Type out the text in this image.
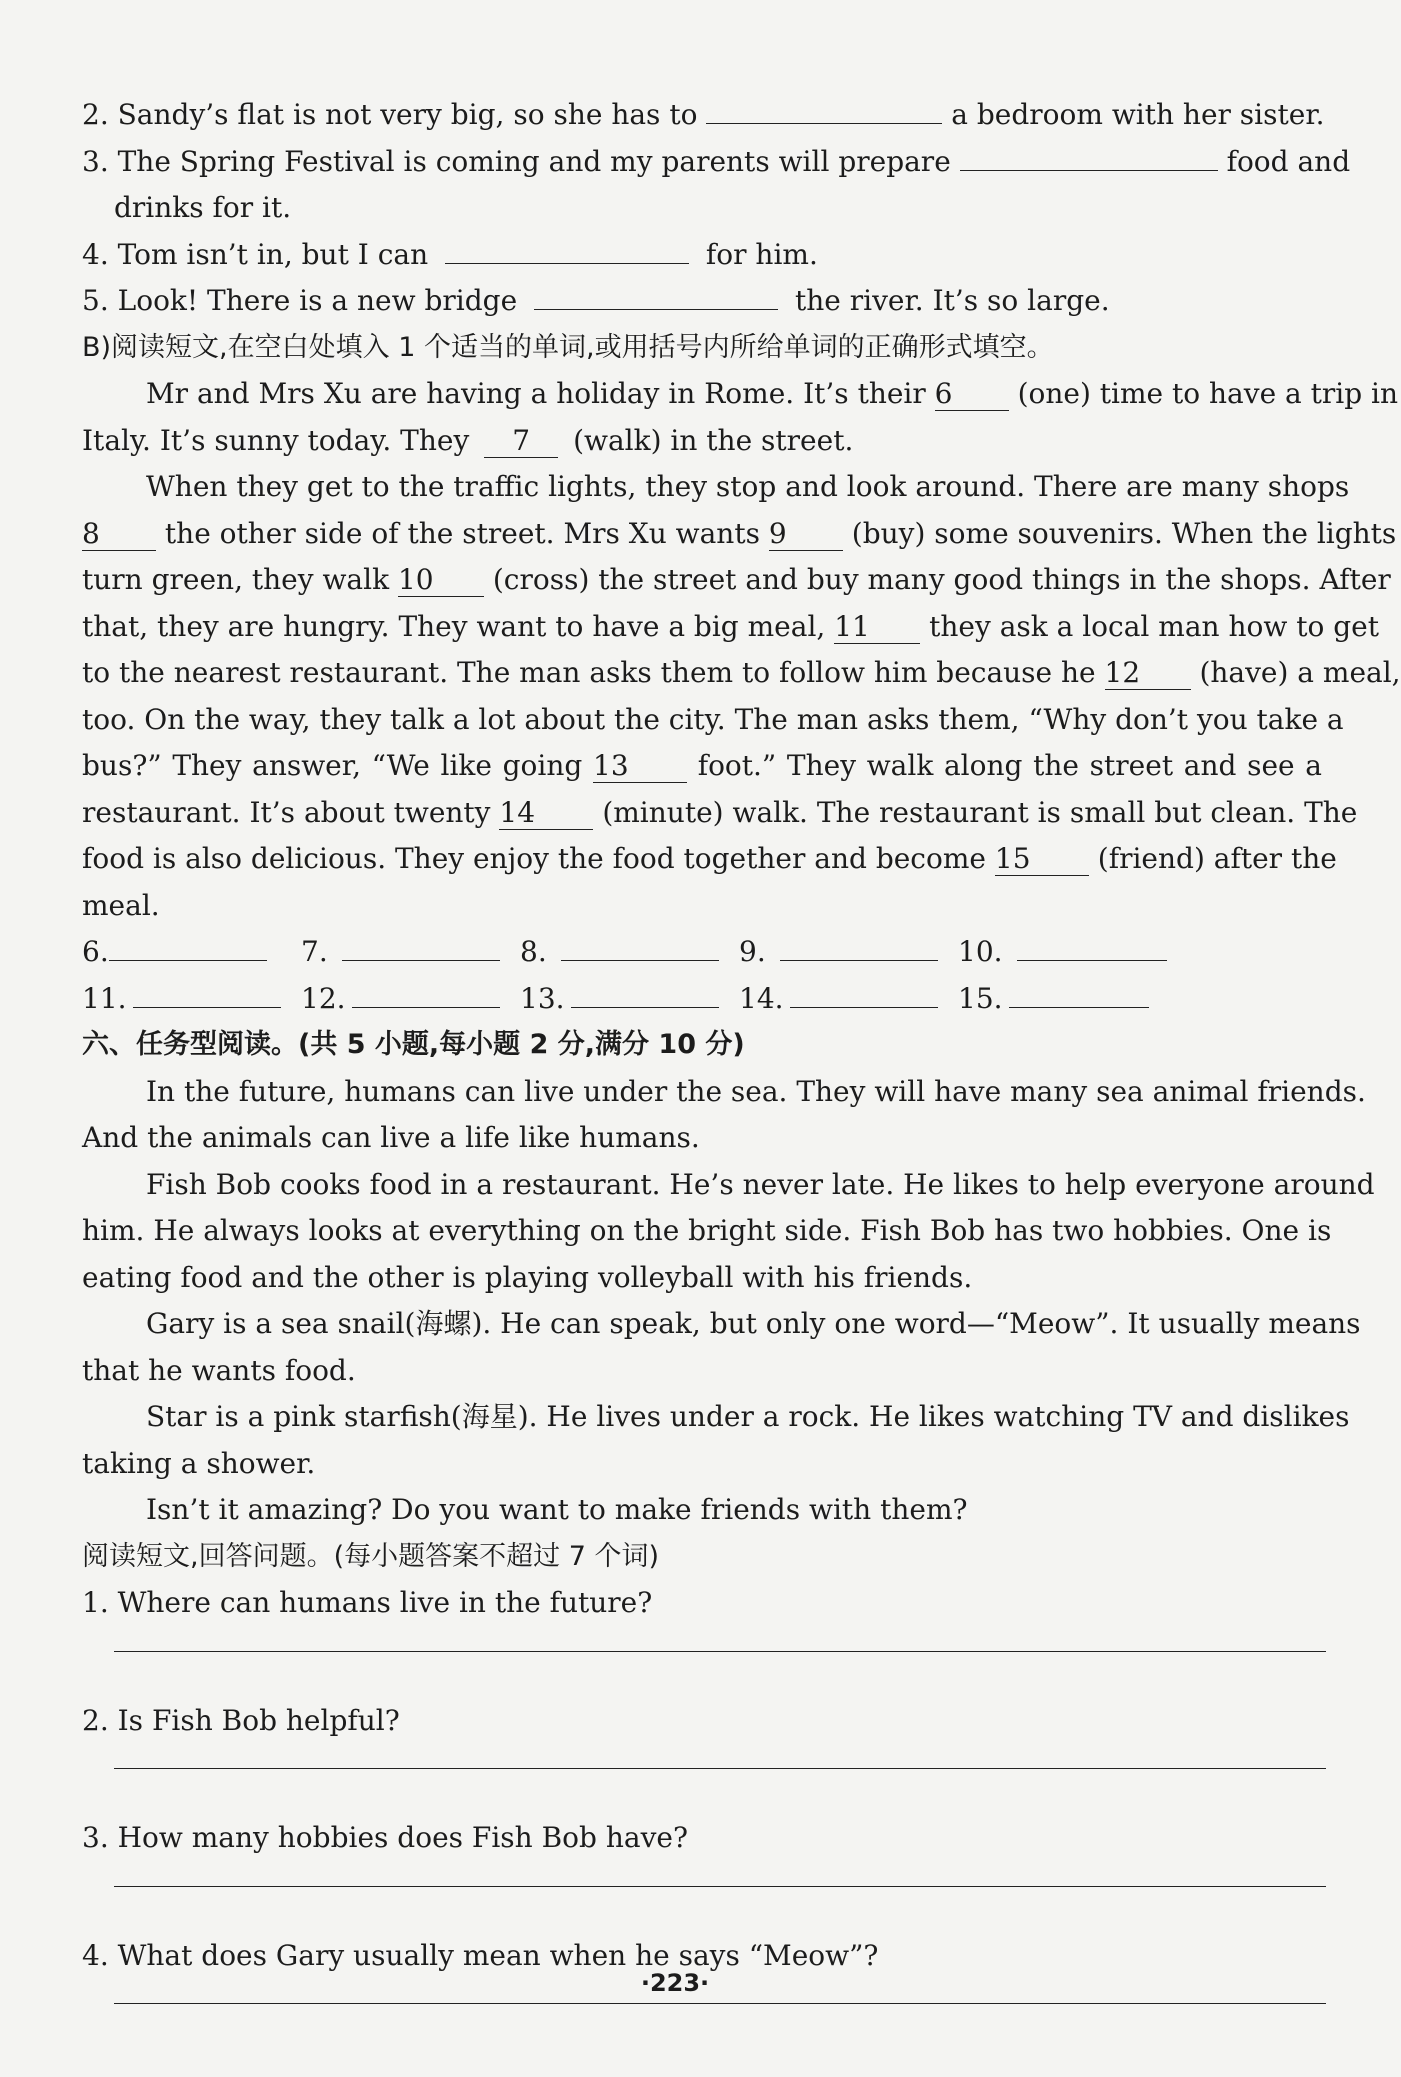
2. Sandy’s flat is not very big, so she has to	a bedroom with her sister.
3. The Spring Festival is coming and my parents will prepare	food and
drinks for it.
4. Tom isn’t in, but I can	for him.
5. Look! There is a new bridge	the river. It’s so large.
B)阅读短文,在空白处填入 1 个适当的单词,或用括号内所给单词的正确形式填空。
Mr and Mrs Xu are having a holiday in Rome. It’s their 6 (one) time to have a trip in
Italy. It’s sunny today. They 7 (walk) in the street.
When they get to the traffic lights, they stop and look around. There are many shops
8 the other side of the street. Mrs Xu wants 9 (buy) some souvenirs. When the lights
turn green, they walk 10 (cross) the street and buy many good things in the shops. After
that, they are hungry. They want to have a big meal, 11 they ask a local man how to get
to the nearest restaurant. The man asks them to follow him because he 12 (have) a meal,
too. On the way, they talk a lot about the city. The man asks them, “Why don’t you take a
bus?” They answer, “We like going 13 foot.” They walk along the street and see a
restaurant. It’s about twenty 14 (minute) walk. The restaurant is small but clean. The
food is also delicious. They enjoy the food together and become 15 (friend) after the
meal.
6.	7.	8.	9.	10.
11.	12.	13.	14.	15.
六、任务型阅读。(共 5 小题,每小题 2 分,满分 10 分)
In the future, humans can live under the sea. They will have many sea animal friends.
And the animals can live a life like humans.
Fish Bob cooks food in a restaurant. He’s never late. He likes to help everyone around
him. He always looks at everything on the bright side. Fish Bob has two hobbies. One is
eating food and the other is playing volleyball with his friends.
Gary is a sea snail(海螺). He can speak, but only one word—“Meow”. It usually means
that he wants food.
Star is a pink starfish(海星). He lives under a rock. He likes watching TV and dislikes
taking a shower.
Isn’t it amazing? Do you want to make friends with them?
阅读短文,回答问题。(每小题答案不超过 7 个词)
1. Where can humans live in the future?
2. Is Fish Bob helpful?
3. How many hobbies does Fish Bob have?
4. What does Gary usually mean when he says “Meow”?
·223·
